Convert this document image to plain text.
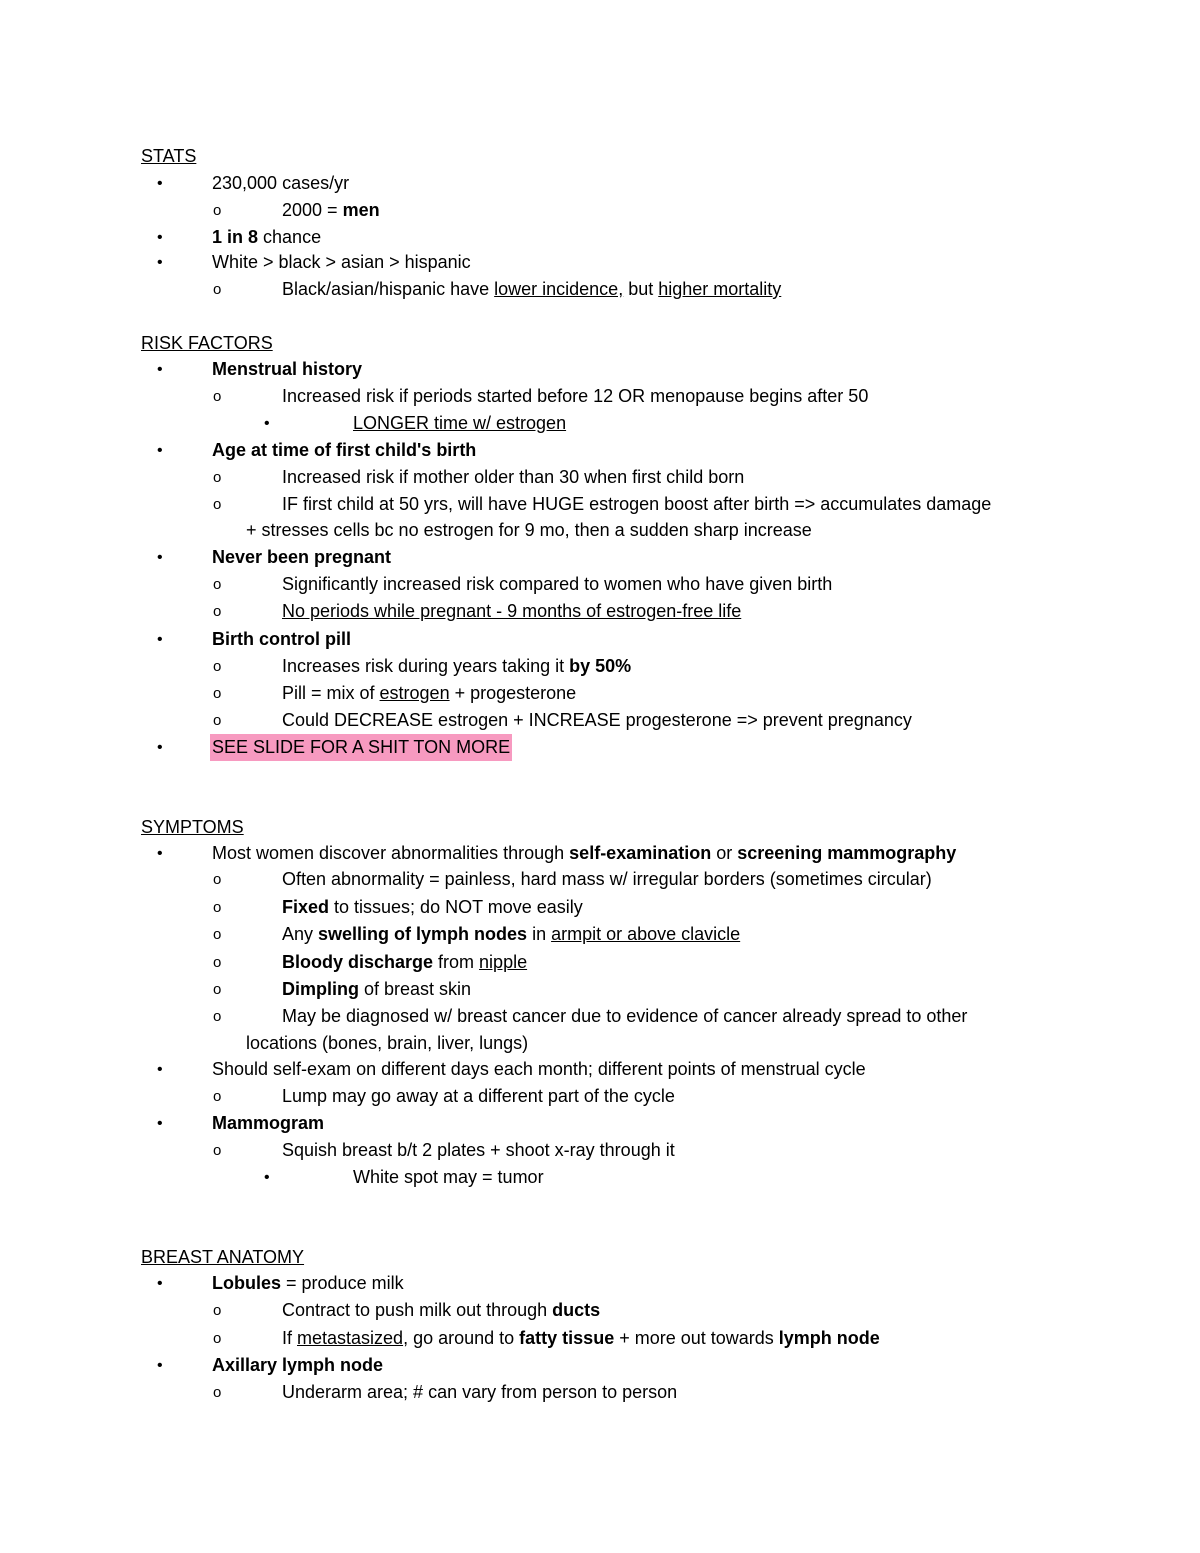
STATS
•	230,000 cases/yr
o	2000 = men
•	1 in 8 chance
•	White > black > asian > hispanic
o	Black/asian/hispanic have lower incidence, but higher mortality
RISK FACTORS
•	Menstrual history
o	Increased risk if periods started before 12 OR menopause begins after 50
•	LONGER time w/ estrogen
•	Age at time of first child's birth
o	Increased risk if mother older than 30 when first child born
o	IF first child at 50 yrs, will have HUGE estrogen boost after birth => accumulates damage
+ stresses cells bc no estrogen for 9 mo, then a sudden sharp increase
•	Never been pregnant
o	Significantly increased risk compared to women who have given birth
o	No periods while pregnant - 9 months of estrogen-free life
•	Birth control pill
o	Increases risk during years taking it by 50%
o	Pill = mix of estrogen + progesterone
o	Could DECREASE estrogen + INCREASE progesterone => prevent pregnancy
•	SEE SLIDE FOR A SHIT TON MORE
SYMPTOMS
•	Most women discover abnormalities through self-examination or screening mammography
o	Often abnormality = painless, hard mass w/ irregular borders (sometimes circular)
o	Fixed to tissues; do NOT move easily
o	Any swelling of lymph nodes in armpit or above clavicle
o	Bloody discharge from nipple
o	Dimpling of breast skin
o	May be diagnosed w/ breast cancer due to evidence of cancer already spread to other
locations (bones, brain, liver, lungs)
•	Should self-exam on different days each month; different points of menstrual cycle
o	Lump may go away at a different part of the cycle
•	Mammogram
o	Squish breast b/t 2 plates + shoot x-ray through it
•	White spot may = tumor
BREAST ANATOMY
•	Lobules = produce milk
o	Contract to push milk out through ducts
o	If metastasized, go around to fatty tissue + more out towards lymph node
•	Axillary lymph node
o	Underarm area; # can vary from person to person
